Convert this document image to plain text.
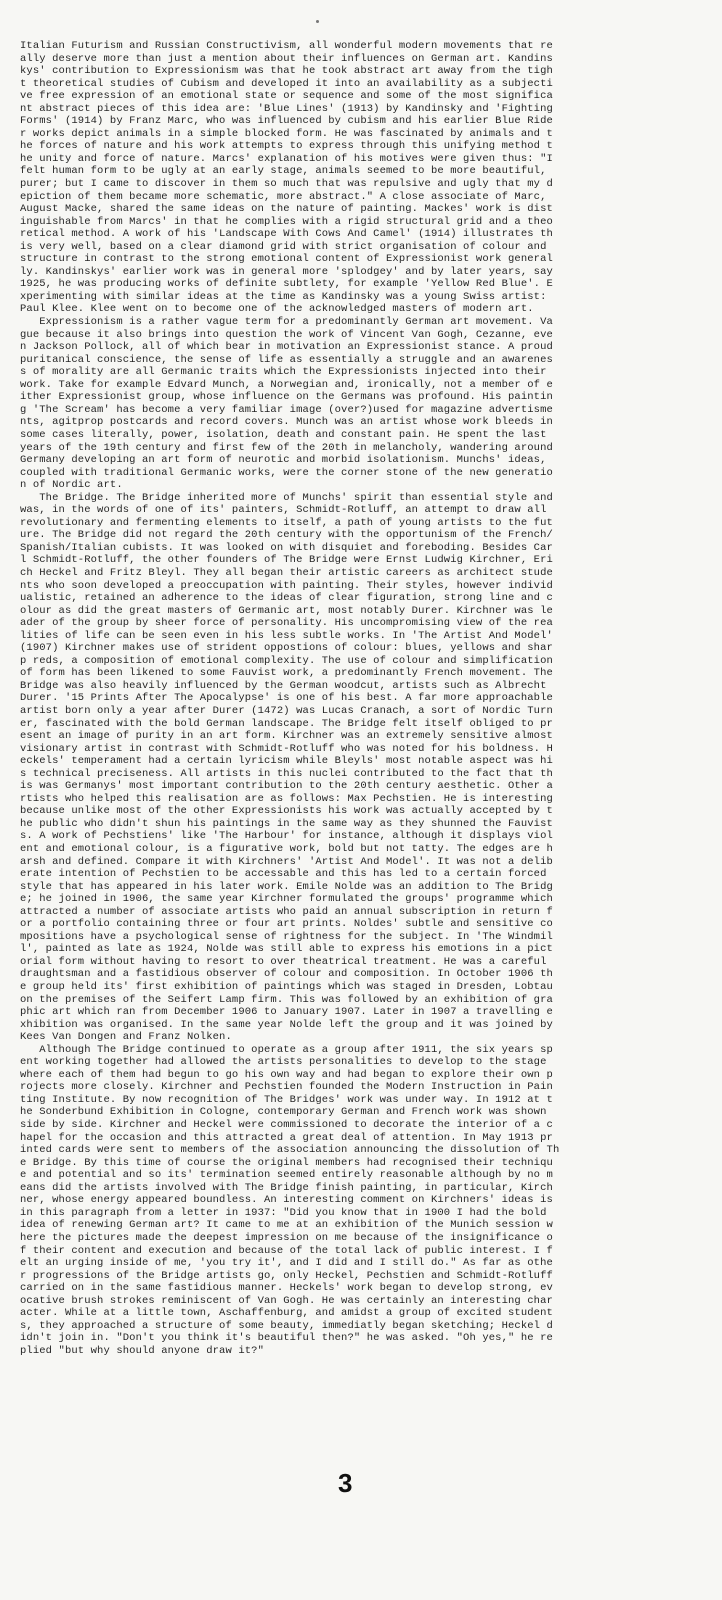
Italian Futurism and Russian Constructivism, all wonderful modern movements that re
ally deserve more than just a mention about their influences on German art. Kandins
kys' contribution to Expressionism was that he took abstract art away from the tigh
t theoretical studies of Cubism and developed it into an availability as a subjecti
ve free expression of an emotional state or sequence and some of the most significa
nt abstract pieces of this idea are: 'Blue Lines' (1913) by Kandinsky and 'Fighting
Forms' (1914) by Franz Marc, who was influenced by cubism and his earlier Blue Ride
r works depict animals in a simple blocked form. He was fascinated by animals and t
he forces of nature and his work attempts to express through this unifying method t
he unity and force of nature. Marcs' explanation of his motives were given thus: "I
felt human form to be ugly at an early stage, animals seemed to be more beautiful,
purer; but I came to discover in them so much that was repulsive and ugly that my d
epiction of them became more schematic, more abstract." A close associate of Marc,
August Macke, shared the same ideas on the nature of painting. Mackes' work is dist
inguishable from Marcs' in that he complies with a rigid structural grid and a theo
retical method. A work of his 'Landscape With Cows And Camel' (1914) illustrates th
is very well, based on a clear diamond grid with strict organisation of colour and
structure in contrast to the strong emotional content of Expressionist work general
ly. Kandinskys' earlier work was in general more 'splodgey' and by later years, say
1925, he was producing works of definite subtlety, for example 'Yellow Red Blue'. E
xperimenting with similar ideas at the time as Kandinsky was a young Swiss artist:
Paul Klee. Klee went on to become one of the acknowledged masters of modern art.
Expressionism is a rather vague term for a predominantly German art movement. Va
gue because it also brings into question the work of Vincent Van Gogh, Cezanne, eve
n Jackson Pollock, all of which bear in motivation an Expressionist stance. A proud
puritanical conscience, the sense of life as essentially a struggle and an awarenes
s of morality are all Germanic traits which the Expressionists injected into their
work. Take for example Edvard Munch, a Norwegian and, ironically, not a member of e
ither Expressionist group, whose influence on the Germans was profound. His paintin
g 'The Scream' has become a very familiar image (over?)used for magazine advertisme
nts, agitprop postcards and record covers. Munch was an artist whose work bleeds in
some cases literally, power, isolation, death and constant pain. He spent the last
years of the 19th century and first few of the 20th in melancholy, wandering around
Germany developing an art form of neurotic and morbid isolationism. Munchs' ideas,
coupled with traditional Germanic works, were the corner stone of the new generatio
n of Nordic art.
The Bridge. The Bridge inherited more of Munchs' spirit than essential style and
was, in the words of one of its' painters, Schmidt-Rotluff, an attempt to draw all
revolutionary and fermenting elements to itself, a path of young artists to the fut
ure. The Bridge did not regard the 20th century with the opportunism of the French/
Spanish/Italian cubists. It was looked on with disquiet and foreboding. Besides Car
l Schmidt-Rotluff, the other founders of The Bridge were Ernst Ludwig Kirchner, Eri
ch Heckel and Fritz Bleyl. They all began their artistic careers as architect stude
nts who soon developed a preoccupation with painting. Their styles, however individ
ualistic, retained an adherence to the ideas of clear figuration, strong line and c
olour as did the great masters of Germanic art, most notably Durer. Kirchner was le
ader of the group by sheer force of personality. His uncompromising view of the rea
lities of life can be seen even in his less subtle works. In 'The Artist And Model'
(1907) Kirchner makes use of strident oppostions of colour: blues, yellows and shar
p reds, a composition of emotional complexity. The use of colour and simplification
of form has been likened to some Fauvist work, a predominantly French movement. The
Bridge was also heavily influenced by the German woodcut, artists such as Albrecht
Durer. '15 Prints After The Apocalypse' is one of his best. A far more approachable
artist born only a year after Durer (1472) was Lucas Cranach, a sort of Nordic Turn
er, fascinated with the bold German landscape. The Bridge felt itself obliged to pr
esent an image of purity in an art form. Kirchner was an extremely sensitive almost
visionary artist in contrast with Schmidt-Rotluff who was noted for his boldness. H
eckels' temperament had a certain lyricism while Bleyls' most notable aspect was hi
s technical preciseness. All artists in this nuclei contributed to the fact that th
is was Germanys' most important contribution to the 20th century aesthetic. Other a
rtists who helped this realisation are as follows: Max Pechstien. He is interesting
because unlike most of the other Expressionists his work was actually accepted by t
he public who didn't shun his paintings in the same way as they shunned the Fauvist
s. A work of Pechstiens' like 'The Harbour' for instance, although it displays viol
ent and emotional colour, is a figurative work, bold but not tatty. The edges are h
arsh and defined. Compare it with Kirchners' 'Artist And Model'. It was not a delib
erate intention of Pechstien to be accessable and this has led to a certain forced
style that has appeared in his later work. Emile Nolde was an addition to The Bridg
e; he joined in 1906, the same year Kirchner formulated the groups' programme which
attracted a number of associate artists who paid an annual subscription in return f
or a portfolio containing three or four art prints. Noldes' subtle and sensitive co
mpositions have a psychological sense of rightness for the subject. In 'The Windmil
l', painted as late as 1924, Nolde was still able to express his emotions in a pict
orial form without having to resort to over theatrical treatment. He was a careful
draughtsman and a fastidious observer of colour and composition. In October 1906 th
e group held its' first exhibition of paintings which was staged in Dresden, Lobtau
on the premises of the Seifert Lamp firm. This was followed by an exhibition of gra
phic art which ran from December 1906 to January 1907. Later in 1907 a travelling e
xhibition was organised. In the same year Nolde left the group and it was joined by
Kees Van Dongen and Franz Nolken.
Although The Bridge continued to operate as a group after 1911, the six years sp
ent working together had allowed the artists personalities to develop to the stage
where each of them had begun to go his own way and had began to explore their own p
rojects more closely. Kirchner and Pechstien founded the Modern Instruction in Pain
ting Institute. By now recognition of The Bridges' work was under way. In 1912 at t
he Sonderbund Exhibition in Cologne, contemporary German and French work was shown
side by side. Kirchner and Heckel were commissioned to decorate the interior of a c
hapel for the occasion and this attracted a great deal of attention. In May 1913 pr
inted cards were sent to members of the association announcing the dissolution of Th
e Bridge. By this time of course the original members had recognised their techniqu
e and potential and so its' termination seemed entirely reasonable although by no m
eans did the artists involved with The Bridge finish painting, in particular, Kirch
ner, whose energy appeared boundless. An interesting comment on Kirchners' ideas is
in this paragraph from a letter in 1937: "Did you know that in 1900 I had the bold
idea of renewing German art? It came to me at an exhibition of the Munich session w
here the pictures made the deepest impression on me because of the insignificance o
f their content and execution and because of the total lack of public interest. I f
elt an urging inside of me, 'you try it', and I did and I still do." As far as othe
r progressions of the Bridge artists go, only Heckel, Pechstien and Schmidt-Rotluff
carried on in the same fastidious manner. Heckels' work began to develop strong, ev
ocative brush strokes reminiscent of Van Gogh. He was certainly an interesting char
acter. While at a little town, Aschaffenburg, and amidst a group of excited student
s, they approached a structure of some beauty, immediatly began sketching; Heckel d
idn't join in. "Don't you think it's beautiful then?" he was asked. "Oh yes," he re
plied "but why should anyone draw it?"
3
